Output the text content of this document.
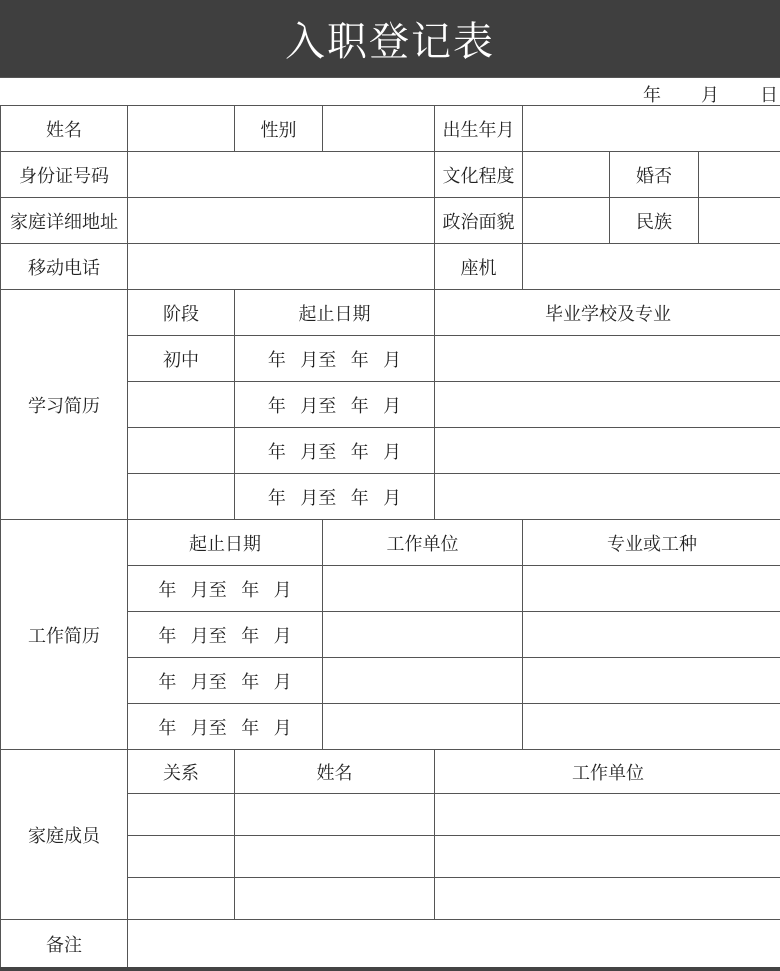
入职登记表
年 月 日
姓名		性别		出生年月		
身份证号码				文化程度		婚否

家庭详细地址				政治面貌		民族

移动电话				座机		
学习简历	阶段	起止日期		毕业学校及专业		
	初中	年 月至 年 月				
		年 月至 年 月				
		年 月至 年 月				
		年 月至 年 月				
工作简历	起止日期		工作单位		专业或工种	
	年 月至 年 月					
	年 月至 年 月					
	年 月至 年 月					
	年 月至 年 月					
家庭成员	关系	姓名		工作单位		

备注						
